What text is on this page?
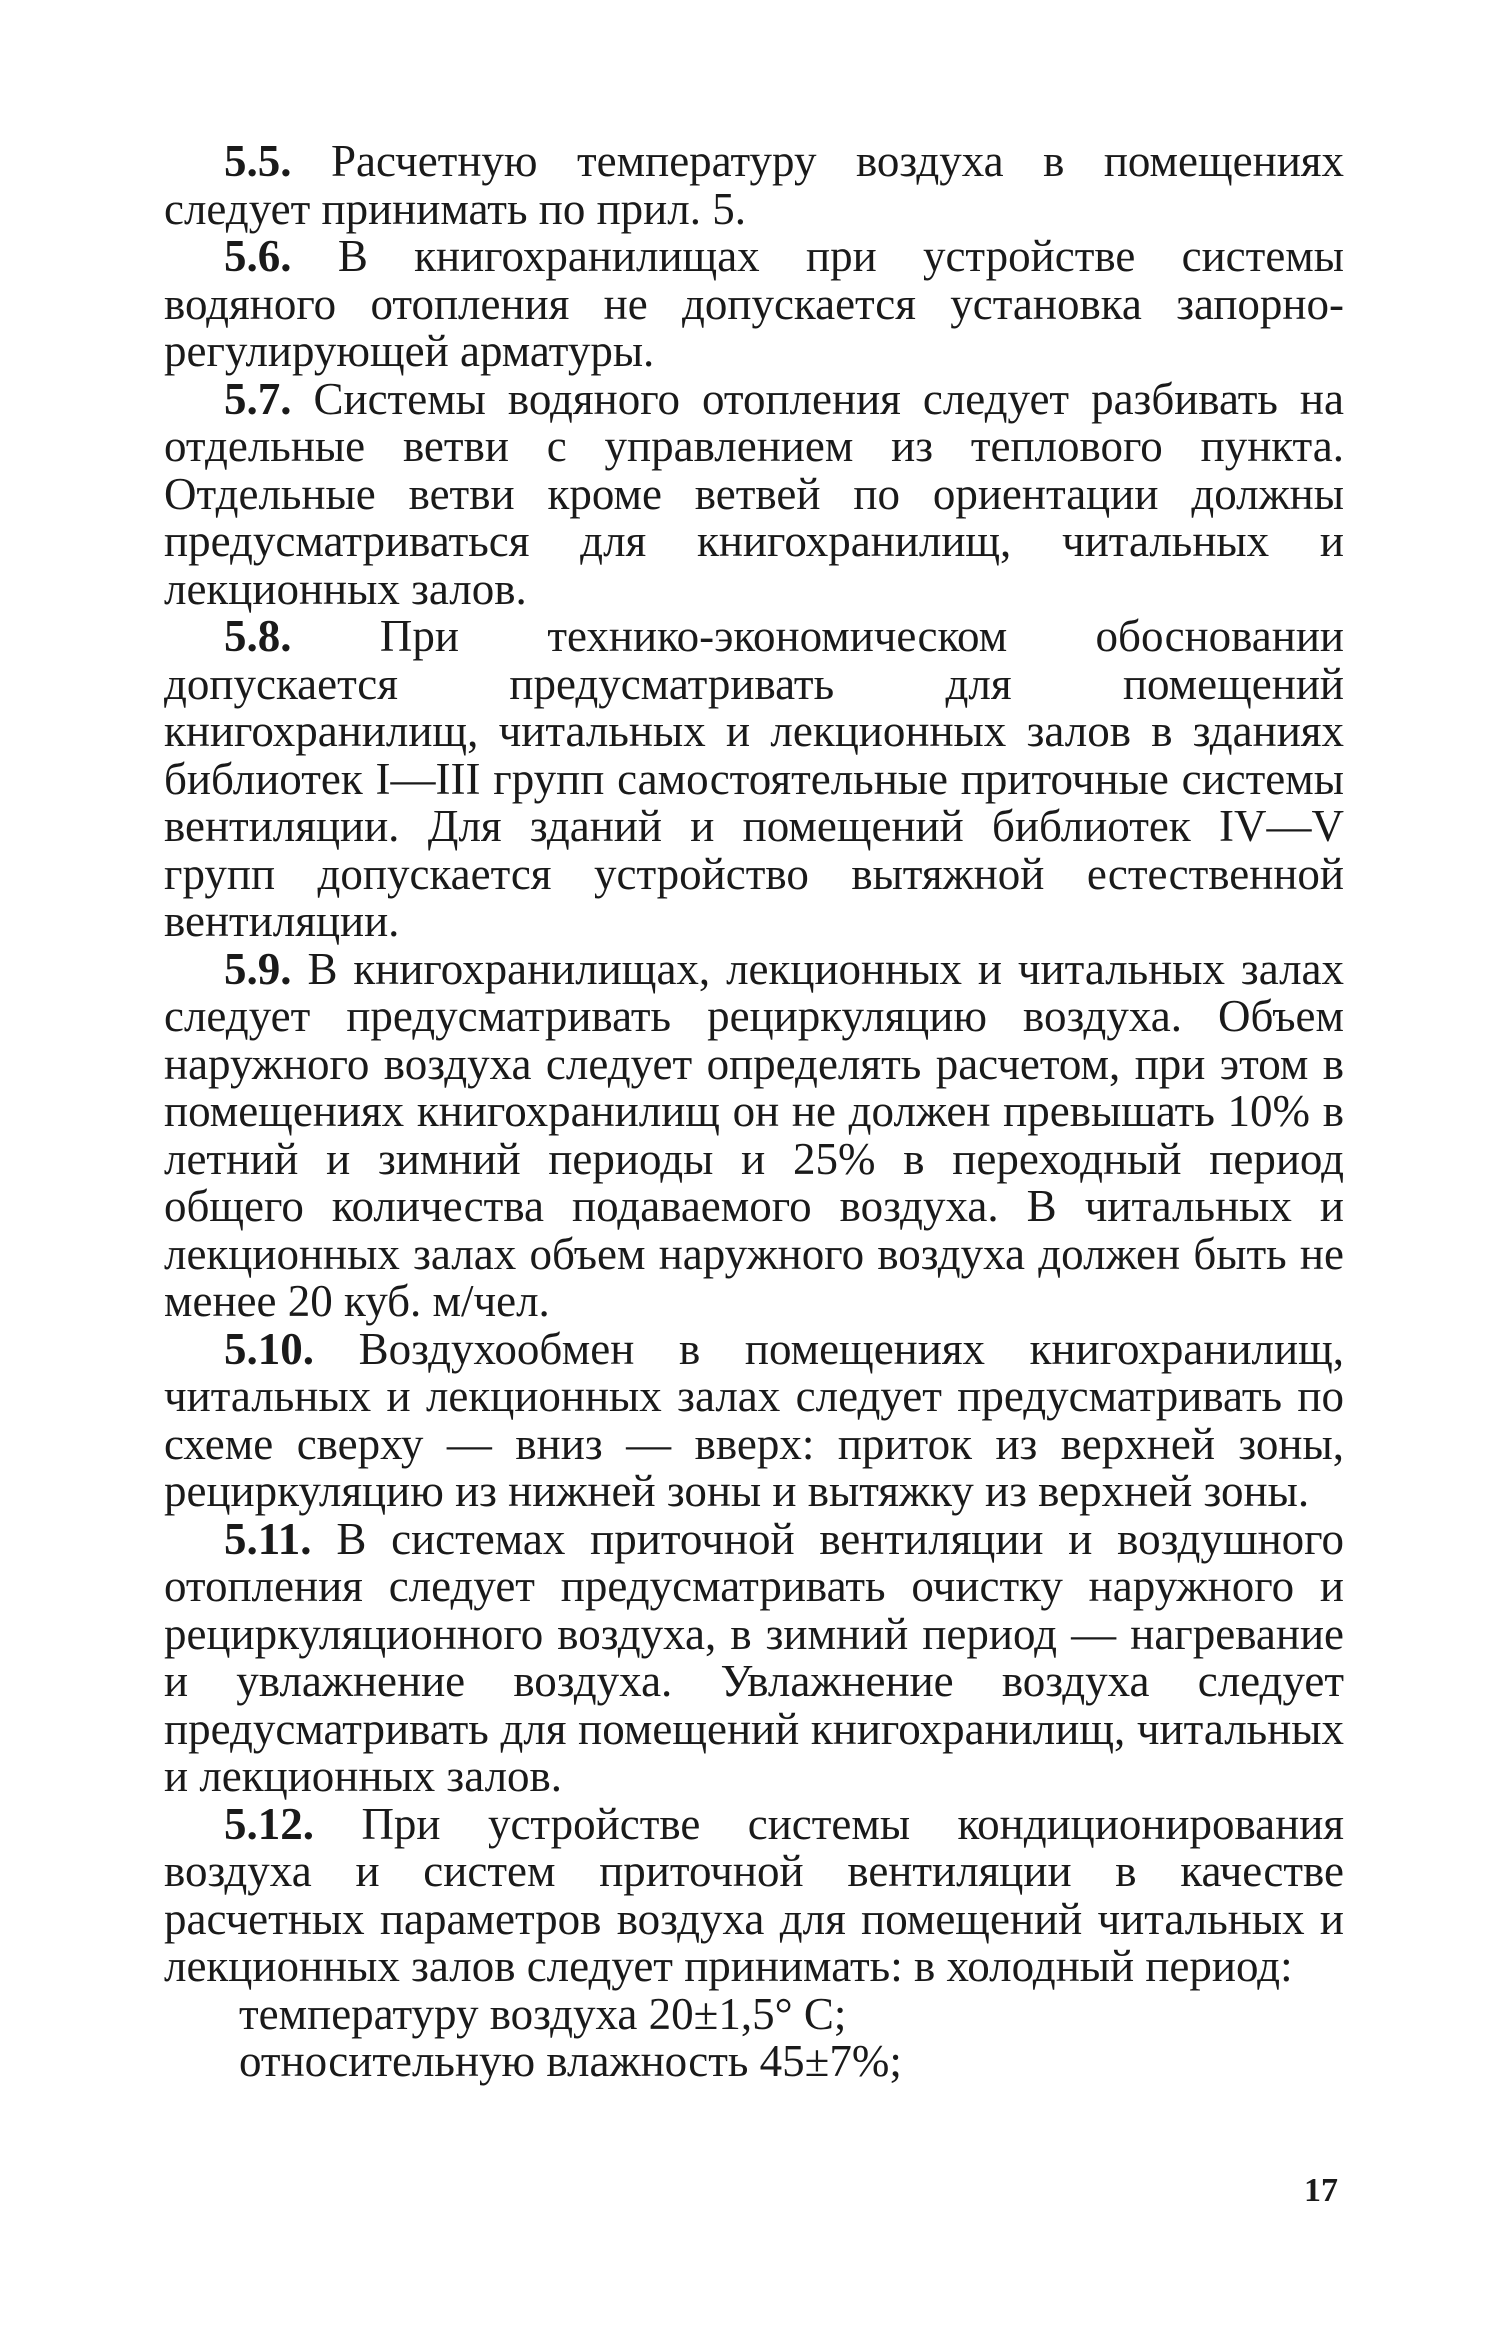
5.5. Расчетную температуру воздуха в помещениях следует принимать по прил. 5.

5.6. В книгохранилищах при устройстве системы водяного отопления не допускается установка запорно-регулирующей арматуры.

5.7. Системы водяного отопления следует разбивать на отдельные ветви с управлением из теплового пункта. Отдельные ветви кроме ветвей по ориентации должны предусматриваться для книгохранилищ, читальных и лекционных залов.

5.8. При технико-экономическом обосновании допускается предусматривать для помещений книгохранилищ, читальных и лекционных залов в зданиях библиотек I—III групп самостоятельные приточные системы вентиляции. Для зданий и помещений библиотек IV—V групп допускается устройство вытяжной естественной вентиляции.

5.9. В книгохранилищах, лекционных и читальных залах следует предусматривать рециркуляцию воздуха. Объем наружного воздуха следует определять расчетом, при этом в помещениях книгохранилищ он не должен превышать 10% в летний и зимний периоды и 25% в переходный период общего количества подаваемого воздуха. В читальных и лекционных залах объем наружного воздуха должен быть не менее 20 куб. м/чел.

5.10. Воздухообмен в помещениях книгохранилищ, читальных и лекционных залах следует предусматривать по схеме сверху — вниз — вверх: приток из верхней зоны, рециркуляцию из нижней зоны и вытяжку из верхней зоны.

5.11. В системах приточной вентиляции и воздушного отопления следует предусматривать очистку наружного и рециркуляционного воздуха, в зимний период — нагревание и увлажнение воздуха. Увлажнение воздуха следует предусматривать для помещений книгохранилищ, читальных и лекционных залов.

5.12. При устройстве системы кондиционирования воздуха и систем приточной вентиляции в качестве расчетных параметров воздуха для помещений читальных и лекционных залов следует принимать: в холодный период:

температуру воздуха 20±1,5° С;

относительную влажность 45±7%;

17
